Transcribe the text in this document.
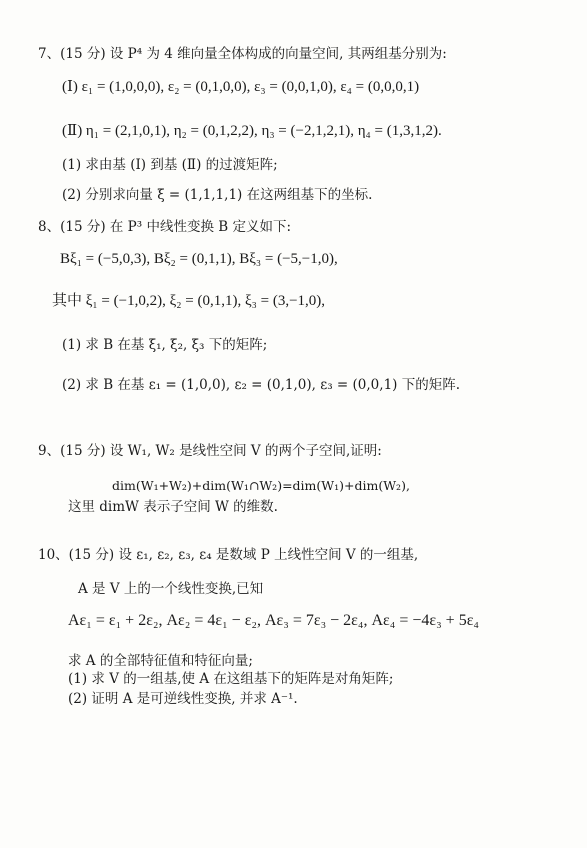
7、(15 分) 设 P⁴ 为 4 维向量全体构成的向量空间, 其两组基分别为:
(Ⅰ) ε₁ = (1,0,0,0), ε₂ = (0,1,0,0), ε₃ = (0,0,1,0), ε₄ = (0,0,0,1)
(Ⅱ) η₁ = (2,1,0,1), η₂ = (0,1,2,2), η₃ = (−2,1,2,1), η₄ = (1,3,1,2).
(1) 求由基 (Ⅰ) 到基 (Ⅱ) 的过渡矩阵;
(2) 分别求向量 ξ = (1,1,1,1) 在这两组基下的坐标.
8、(15 分) 在 P³ 中线性变换 B 定义如下:
Bξ₁ = (−5,0,3), Bξ₂ = (0,1,1), Bξ₃ = (−5,−1,0),
其中 ξ₁ = (−1,0,2), ξ₂ = (0,1,1), ξ₃ = (3,−1,0),
(1) 求 B 在基 ξ₁, ξ₂, ξ₃ 下的矩阵;
(2) 求 B 在基 ε₁ = (1,0,0), ε₂ = (0,1,0), ε₃ = (0,0,1) 下的矩阵.
9、(15 分) 设 W₁, W₂ 是线性空间 V 的两个子空间,证明:
dim(W₁+W₂)+dim(W₁∩W₂)=dim(W₁)+dim(W₂),
这里 dimW 表示子空间 W 的维数.
10、(15 分) 设 ε₁, ε₂, ε₃, ε₄ 是数域 P 上线性空间 V 的一组基,
A 是 V 上的一个线性变换,已知
Aε₁ = ε₁ + 2ε₂, Aε₂ = 4ε₁ − ε₂, Aε₃ = 7ε₃ − 2ε₄, Aε₄ = −4ε₃ + 5ε₄
求 A 的全部特征值和特征向量;
(1) 求 V 的一组基,使 A 在这组基下的矩阵是对角矩阵;
(2) 证明 A 是可逆线性变换, 并求 A⁻¹.
